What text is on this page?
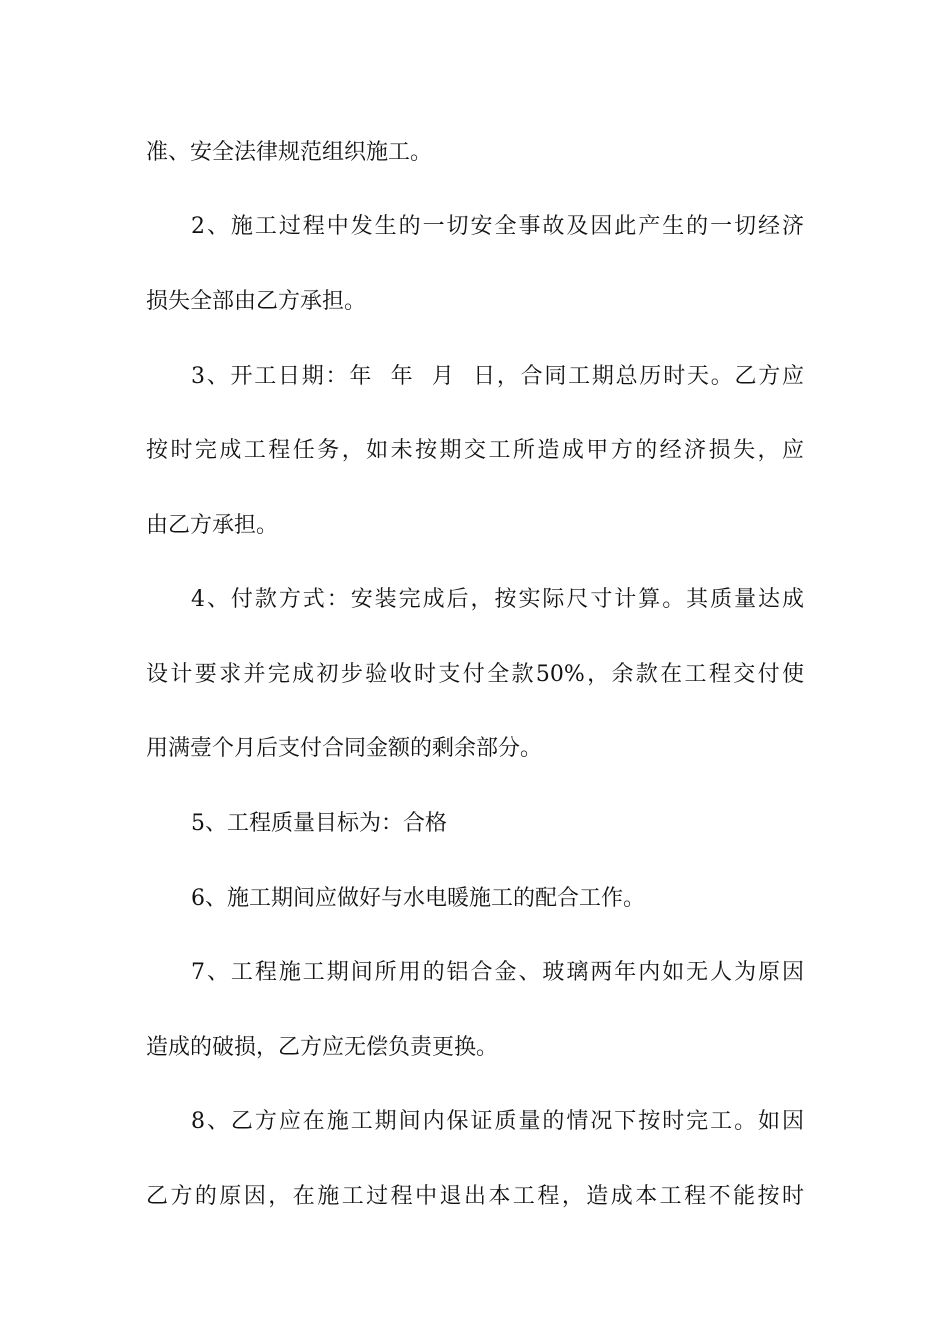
准、安全法律规范组织施工。
2、施工过程中发生的一切安全事故及因此产生的一切经济
损失全部由乙方承担。
3、开工日期：年  年  月  日，合同工期总历时天。乙方应
按时完成工程任务，如未按期交工所造成甲方的经济损失，应
由乙方承担。
4、付款方式：安装完成后，按实际尺寸计算。其质量达成
设计要求并完成初步验收时支付全款50%，余款在工程交付使
用满壹个月后支付合同金额的剩余部分。
5、工程质量目标为：合格
6、施工期间应做好与水电暖施工的配合工作。
7、工程施工期间所用的铝合金、玻璃两年内如无人为原因
造成的破损，乙方应无偿负责更换。
8、乙方应在施工期间内保证质量的情况下按时完工。如因
乙方的原因，在施工过程中退出本工程，造成本工程不能按时
